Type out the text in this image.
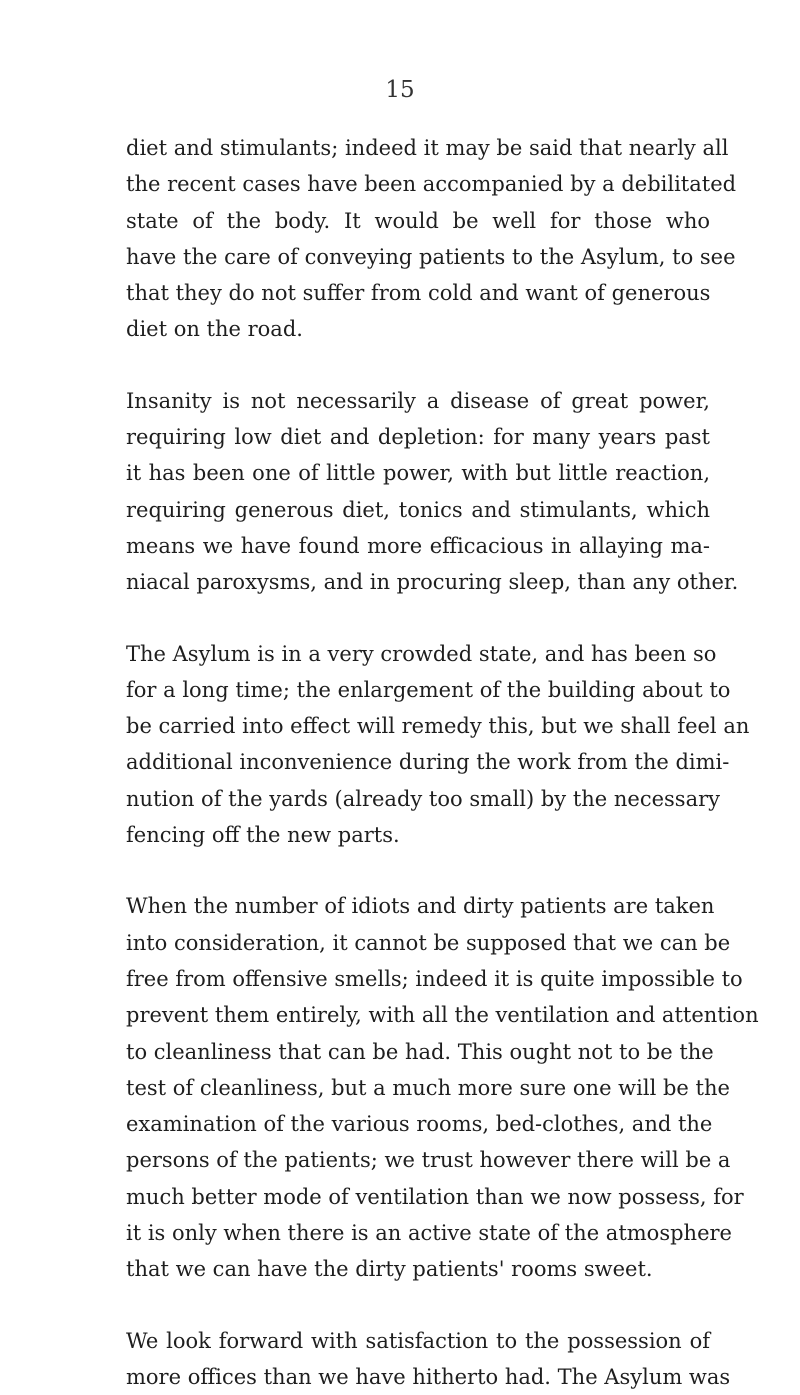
15

diet and stimulants; indeed it may be said that nearly all
the recent cases have been accompanied by a debilitated
state of the body. It would be well for those who
have the care of conveying patients to the Asylum, to see
that they do not suffer from cold and want of generous
diet on the road.

Insanity is not necessarily a disease of great power,
requiring low diet and depletion: for many years past
it has been one of little power, with but little reaction,
requiring generous diet, tonics and stimulants, which
means we have found more efficacious in allaying ma-
niacal paroxysms, and in procuring sleep, than any other.

The Asylum is in a very crowded state, and has been so
for a long time; the enlargement of the building about to
be carried into effect will remedy this, but we shall feel an
additional inconvenience during the work from the dimi-
nution of the yards (already too small) by the necessary
fencing off the new parts.

When the number of idiots and dirty patients are taken
into consideration, it cannot be supposed that we can be
free from offensive smells; indeed it is quite impossible to
prevent them entirely, with all the ventilation and attention
to cleanliness that can be had. This ought not to be the
test of cleanliness, but a much more sure one will be the
examination of the various rooms, bed-clothes, and the
persons of the patients; we trust however there will be a
much better mode of ventilation than we now possess, for
it is only when there is an active state of the atmosphere
that we can have the dirty patients' rooms sweet.

We look forward with satisfaction to the possession of
more offices than we have hitherto had. The Asylum was
